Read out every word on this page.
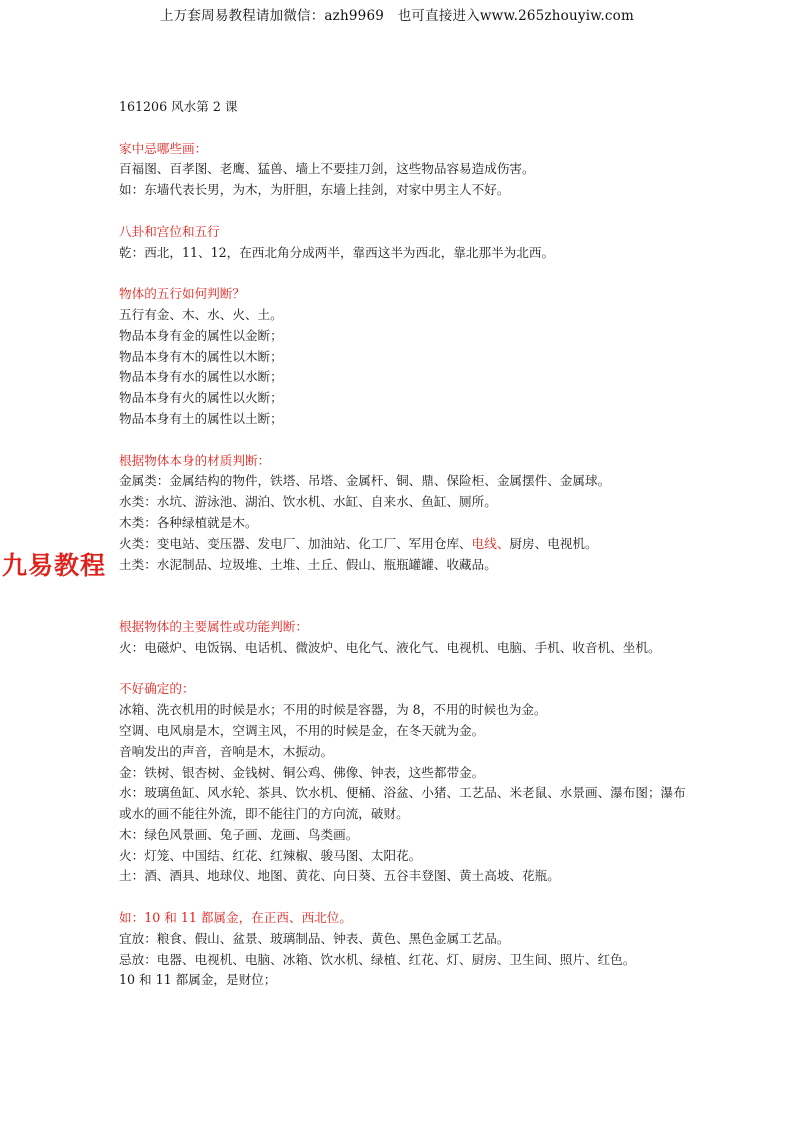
上万套周易教程请加微信：azh9969　也可直接进入www.265zhouyiw.com
九易教程

161206 风水第 2 课

家中忌哪些画：

百福图、百孝图、老鹰、猛兽、墙上不要挂刀剑，这些物品容易造成伤害。

如：东墙代表长男，为木，为肝胆，东墙上挂剑，对家中男主人不好。

八卦和宫位和五行

乾：西北，11、12，在西北角分成两半，靠西这半为西北，靠北那半为北西。

物体的五行如何判断？

五行有金、木、水、火、土。

物品本身有金的属性以金断；

物品本身有木的属性以木断；

物品本身有水的属性以水断；

物品本身有火的属性以火断；

物品本身有土的属性以土断；

根据物体本身的材质判断：

金属类：金属结构的物件，铁塔、吊塔、金属杆、铜、鼎、保险柜、金属摆件、金属球。

水类：水坑、游泳池、湖泊、饮水机、水缸、自来水、鱼缸、厕所。

木类：各种绿植就是木。

火类：变电站、变压器、发电厂、加油站、化工厂、军用仓库、电线、厨房、电视机。

土类：水泥制品、垃圾堆、土堆、土丘、假山、瓶瓶罐罐、收藏品。

根据物体的主要属性或功能判断：

火：电磁炉、电饭锅、电话机、微波炉、电化气、液化气、电视机、电脑、手机、收音机、坐机。

不好确定的：

冰箱、洗衣机用的时候是水；不用的时候是容器，为 8，不用的时候也为金。

空调、电风扇是木，空调主风，不用的时候是金，在冬天就为金。

音响发出的声音，音响是木，木振动。

金：铁树、银杏树、金钱树、铜公鸡、佛像、钟表，这些都带金。

水：玻璃鱼缸、风水轮、茶具、饮水机、便桶、浴盆、小猪、工艺品、米老鼠、水景画、瀑布图；瀑布或水的画不能往外流，即不能往门的方向流，破财。

木：绿色风景画、兔子画、龙画、鸟类画。

火：灯笼、中国结、红花、红辣椒、骏马图、太阳花。

土：酒、酒具、地球仪、地图、黄花、向日葵、五谷丰登图、黄土高坡、花瓶。

如：10 和 11 都属金，在正西、西北位。

宜放：粮食、假山、盆景、玻璃制品、钟表、黄色、黑色金属工艺品。

忌放：电器、电视机、电脑、冰箱、饮水机、绿植、红花、灯、厨房、卫生间、照片、红色。

10 和 11 都属金，是财位；
